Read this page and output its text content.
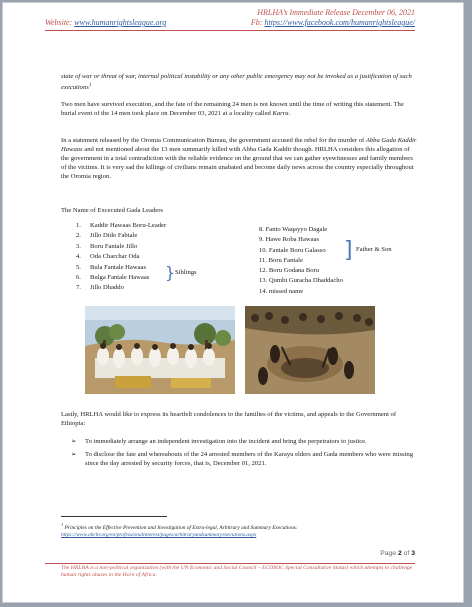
HRLHA’s Immediate Release December 06, 2021
Website: www.humanrightsleague.org	Fb: https://www.facebook.com/humanrightsleague/
state of war or threat of war, internal political instability or any other public emergency may not be invoked as a justification of such executions$^1$
Two men have survived execution, and the fate of the remaining 24 men is not known until the time of writing this statement. The burial event of the 14 men took place on December 03, 2021 at a locality called Karra.
In a statement released by the Oromia Communication Bureau, the government accused the rebel for the murder of Abba Gada Kaddir Hawaas and not mentioned about the 13 men summarily killed with Abba Gada Kaddir though. HRLHA considers this allegation of the government in a total contradiction with the reliable evidence on the ground that we can gather eyewitnesses and family members of the victims. It is very sad the killings of civilians remain unabated and become daily news across the country especially throughout the Oromia region.
The Name of Excecuted Gada Leaders
1. Kaddir Hawaas Boru-Leader
2. Jillo Dido Fabtale
3. Boru Fantale Jillo
4. Oda Charchar Oda
5. Bula Fantale Hawaas
6. Bulga Fantale Hawaas
7. Jillo Dhaddo
} Siblings
8. Fanto Waqayyo Dagale
9. Hawe Roba Hawaas
10. Fantale Boru Galasso
11. Boru Fantale
12. Boru Godana Boru
13. Qumbi Guracha Dhaddacho
14. missed name
] Father & Son
Lastly, HRLHA would like to express its heartfelt condolences to the families of the victims, and appeals to the Government of Ethiopia:
➢ To immediately arrange an independent investigation into the incident and bring the perpetrators to justice.
➢ To disclose the fate and whereabouts of the 24 arrested members of the Karayu elders and Gada members who were missing since the day arrested by security forces, that is, December 01, 2021.
$^1$ Principles on the Effective Prevention and Investigation of Extra-legal, Arbitrary and Summary Executions:
https://www.ohchr.org/en/professionalinterest/pages/arbitraryandsummaryexecutions.aspx
Page 2 of 3
The HRLHA is a non-political organization (with the UN Economic and Social Council – ECOSOC Special Consultative Status) which attempts to challenge human rights abuses in the Horn of Africa.
